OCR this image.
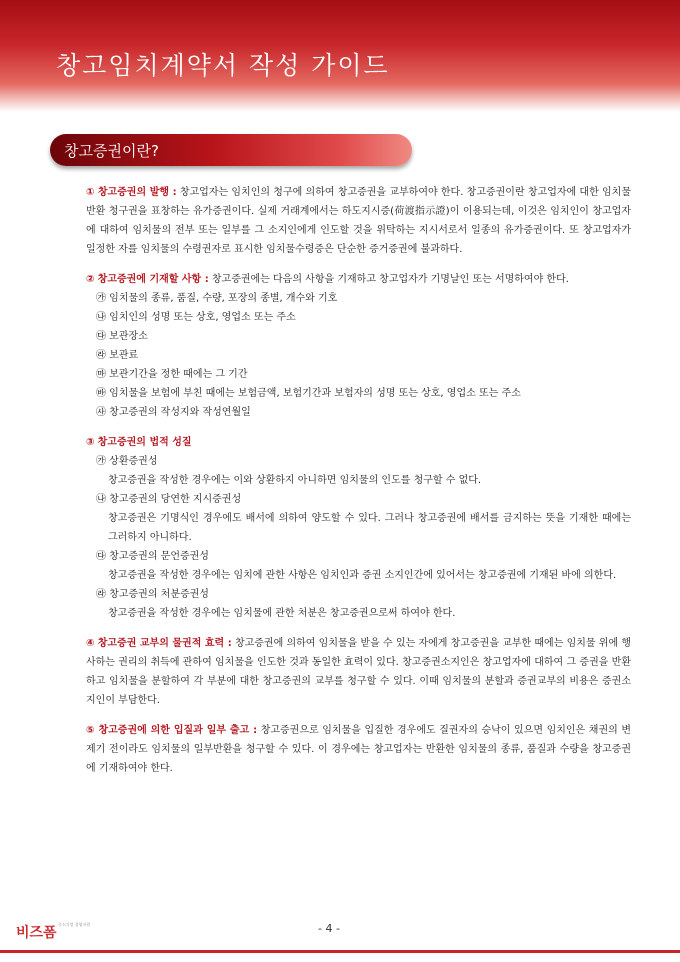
창고임치계약서 작성 가이드
창고증권이란?

① 창고증권의 발행 : 창고업자는 임치인의 청구에 의하여 창고증권을 교부하여야 한다. 창고증권이란 창고업자에 대한 임치물반환 청구권을 표창하는 유가증권이다. 실제 거래계에서는 하도지시증(荷渡指示證)이 이용되는데, 이것은 임치인이 창고업자에 대하여 임치물의 전부 또는 일부를 그 소지인에게 인도할 것을 위탁하는 지시서로서 일종의 유가증권이다. 또 창고업자가 일정한 자를 임치물의 수령권자로 표시한 임치물수령증은 단순한 증거증권에 불과하다.

② 창고증권에 기재할 사항 : 창고증권에는 다음의 사항을 기재하고 창고업자가 기명날인 또는 서명하여야 한다.

㉮ 임치물의 종류, 품질, 수량, 포장의 종별, 개수와 기호

㉯ 임치인의 성명 또는 상호, 영업소 또는 주소

㉰ 보관장소

㉱ 보관료

㉲ 보관기간을 정한 때에는 그 기간

㉳ 임치물을 보험에 부친 때에는 보험금액, 보험기간과 보험자의 성명 또는 상호, 영업소 또는 주소

㉴ 창고증권의 작성지와 작성연월일

③ 창고증권의 법적 성질

㉮ 상환증권성

창고증권을 작성한 경우에는 이와 상환하지 아니하면 임치물의 인도를 청구할 수 없다.

㉯ 창고증권의 당연한 지시증권성

창고증권은 기명식인 경우에도 배서에 의하여 양도할 수 있다. 그러나 창고증권에 배서를 금지하는 뜻을 기재한 때에는 그러하지 아니하다.

㉰ 창고증권의 문언증권성

창고증권을 작성한 경우에는 임치에 관한 사항은 임치인과 증권 소지인간에 있어서는 창고증권에 기재된 바에 의한다.

㉱ 창고증권의 처분증권성

창고증권을 작성한 경우에는 임치물에 관한 처분은 창고증권으로써 하여야 한다.

④ 창고증권 교부의 물권적 효력 : 창고증권에 의하여 임치물을 받을 수 있는 자에게 창고증권을 교부한 때에는 임치물 위에 행사하는 권리의 취득에 관하여 임치물을 인도한 것과 동일한 효력이 있다. 창고증권소지인은 창고업자에 대하여 그 증권을 반환하고 임치물을 분할하여 각 부분에 대한 창고증권의 교부를 청구할 수 있다. 이때 임치물의 분할과 증권교부의 비용은 증권소지인이 부담한다.

⑤ 창고증권에 의한 입질과 일부 출고 : 창고증권으로 임치물을 입질한 경우에도 질권자의 승낙이 있으면 임치인은 채권의 변제기 전이라도 임치물의 일부반환을 청구할 수 있다. 이 경우에는 창고업자는 반환한 임치물의 종류, 품질과 수량을 창고증권에 기재하여야 한다.

비즈폼
중소기업 경영지원	- 4 -
